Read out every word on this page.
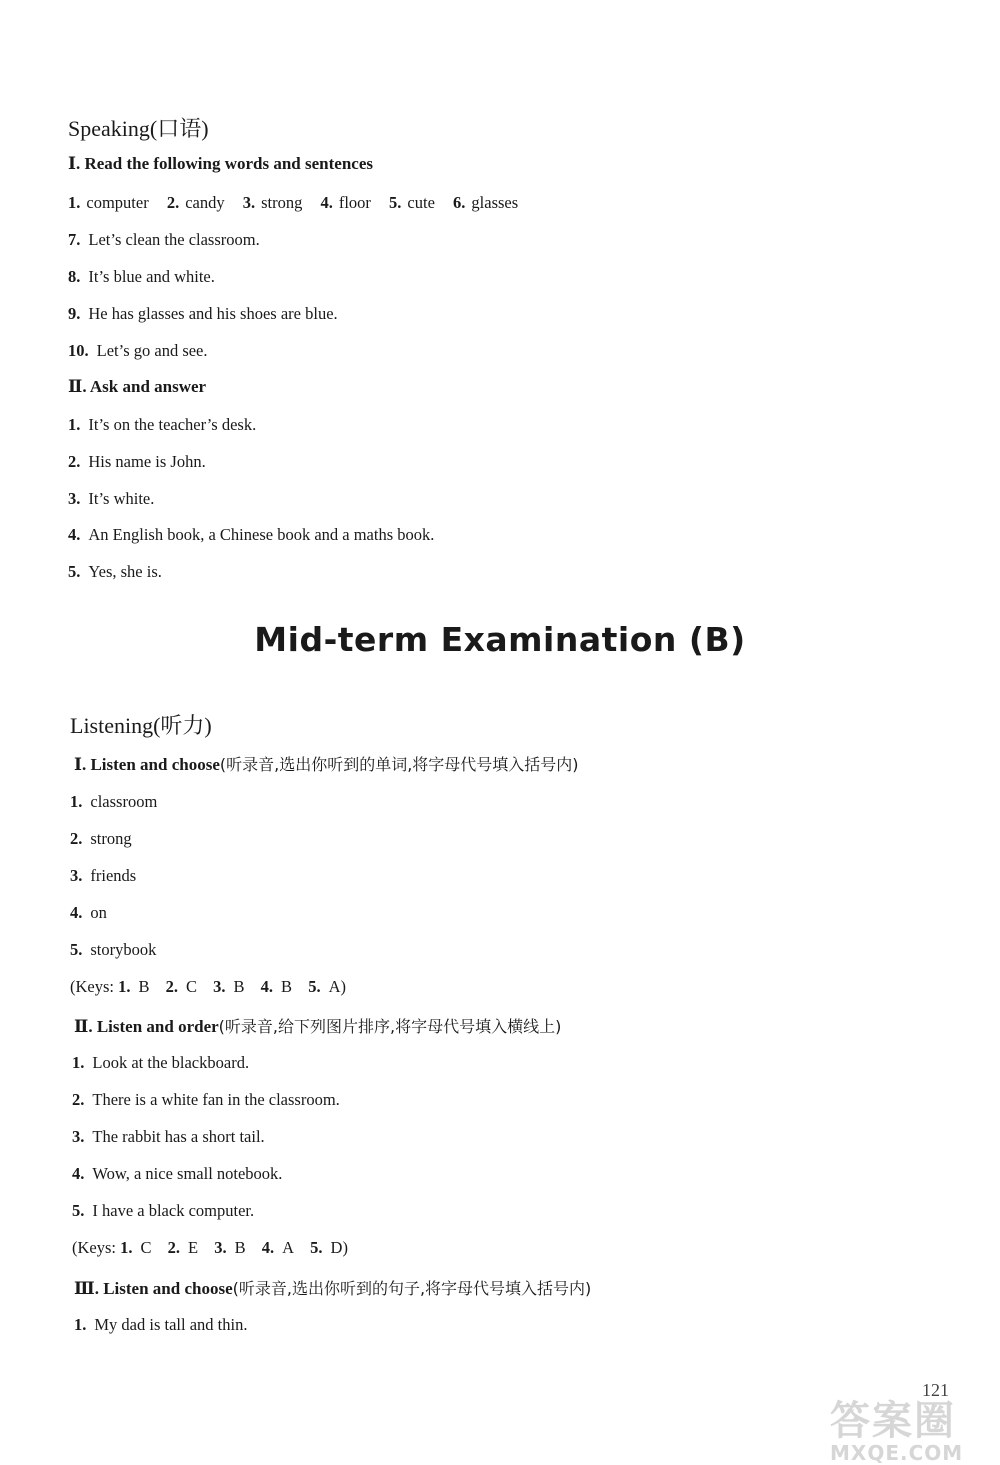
Speaking(口语)
Ⅰ. Read the following words and sentences
1. computer 2. candy 3. strong 4. floor 5. cute 6. glasses
7. Let’s clean the classroom.
8. It’s blue and white.
9. He has glasses and his shoes are blue.
10. Let’s go and see.
Ⅱ. Ask and answer
1. It’s on the teacher’s desk.
2. His name is John.
3. It’s white.
4. An English book, a Chinese book and a maths book.
5. Yes, she is.
Mid-term Examination (B)
Listening(听力)
Ⅰ. Listen and choose(听录音,选出你听到的单词,将字母代号填入括号内)
1. classroom
2. strong
3. friends
4. on
5. storybook
(Keys: 1. B 2. C 3. B 4. B 5. A)
Ⅱ. Listen and order(听录音,给下列图片排序,将字母代号填入横线上)
1. Look at the blackboard.
2. There is a white fan in the classroom.
3. The rabbit has a short tail.
4. Wow, a nice small notebook.
5. I have a black computer.
(Keys: 1. C 2. E 3. B 4. A 5. D)
Ⅲ. Listen and choose(听录音,选出你听到的句子,将字母代号填入括号内)
1. My dad is tall and thin.
121
答案圈
MXQE.COM
